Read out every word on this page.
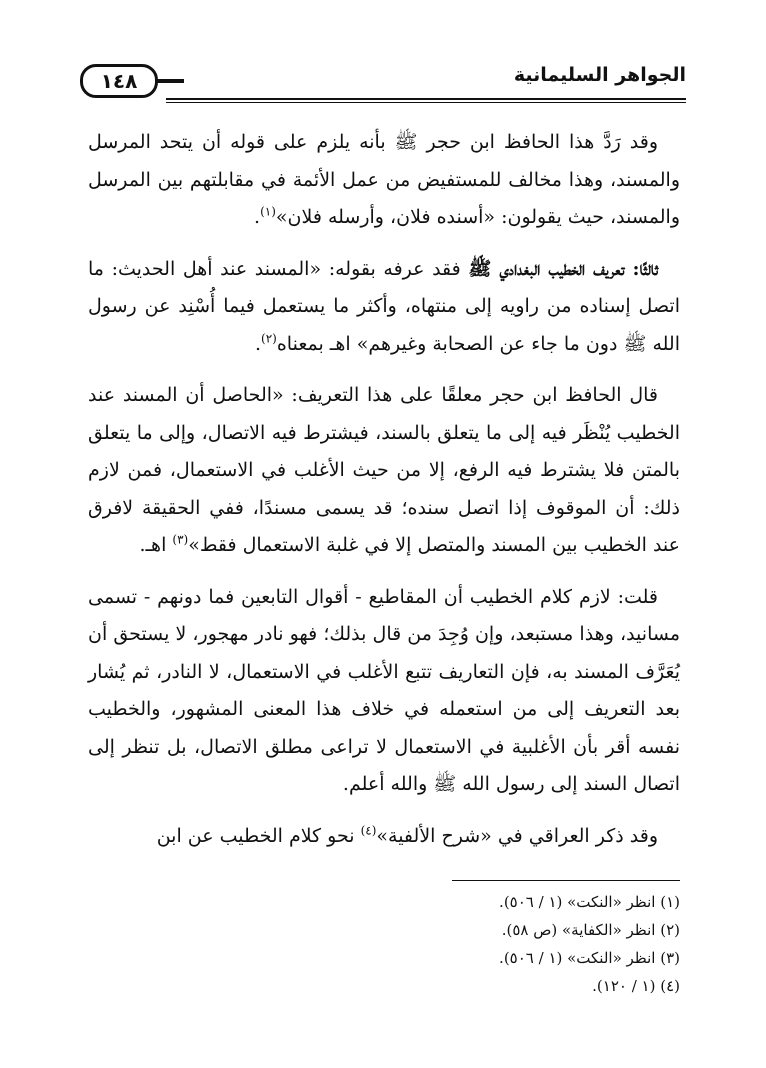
الجواهر السليمانية
١٤٨

وقد رَدَّ هذا الحافظ ابن حجر ﷺ بأنه يلزم على قوله أن يتحد المرسل والمسند، وهذا مخالف للمستفيض من عمل الأئمة في مقابلتهم بين المرسل والمسند، حيث يقولون: «أسنده فلان، وأرسله فلان»$^{(١)}$.

ثالثًا: تعريف الخطيب البغدادي ﷺ فقد عرفه بقوله: «المسند عند أهل الحديث: ما اتصل إسناده من راويه إلى منتهاه، وأكثر ما يستعمل فيما أُسْنِد عن رسول الله ﷺ دون ما جاء عن الصحابة وغيرهم» اهـ بمعناه$^{(٢)}$.

قال الحافظ ابن حجر معلقًا على هذا التعريف: «الحاصل أن المسند عند الخطيب يُنْظَر فيه إلى ما يتعلق بالسند، فيشترط فيه الاتصال، وإلى ما يتعلق بالمتن فلا يشترط فيه الرفع، إلا من حيث الأغلب في الاستعمال، فمن لازم ذلك: أن الموقوف إذا اتصل سنده؛ قد يسمى مسندًا، ففي الحقيقة لافرق عند الخطيب بين المسند والمتصل إلا في غلبة الاستعمال فقط»$^{(٣)}$ اهـ.

قلت: لازم كلام الخطيب أن المقاطيع - أقوال التابعين فما دونهم - تسمى مسانيد، وهذا مستبعد، وإن وُجِدَ من قال بذلك؛ فهو نادر مهجور، لا يستحق أن يُعَرَّف المسند به، فإن التعاريف تتبع الأغلب في الاستعمال، لا النادر، ثم يُشار بعد التعريف إلى من استعمله في خلاف هذا المعنى المشهور، والخطيب نفسه أقر بأن الأغلبية في الاستعمال لا تراعى مطلق الاتصال، بل تنظر إلى اتصال السند إلى رسول الله ﷺ والله أعلم.

وقد ذكر العراقي في «شرح الألفية»$^{(٤)}$ نحو كلام الخطيب عن ابن

(١) انظر «النكت» (١ / ٥٠٦).

(٢) انظر «الكفاية» (ص ٥٨).

(٣) انظر «النكت» (١ / ٥٠٦).

(٤) (١ / ١٢٠).
